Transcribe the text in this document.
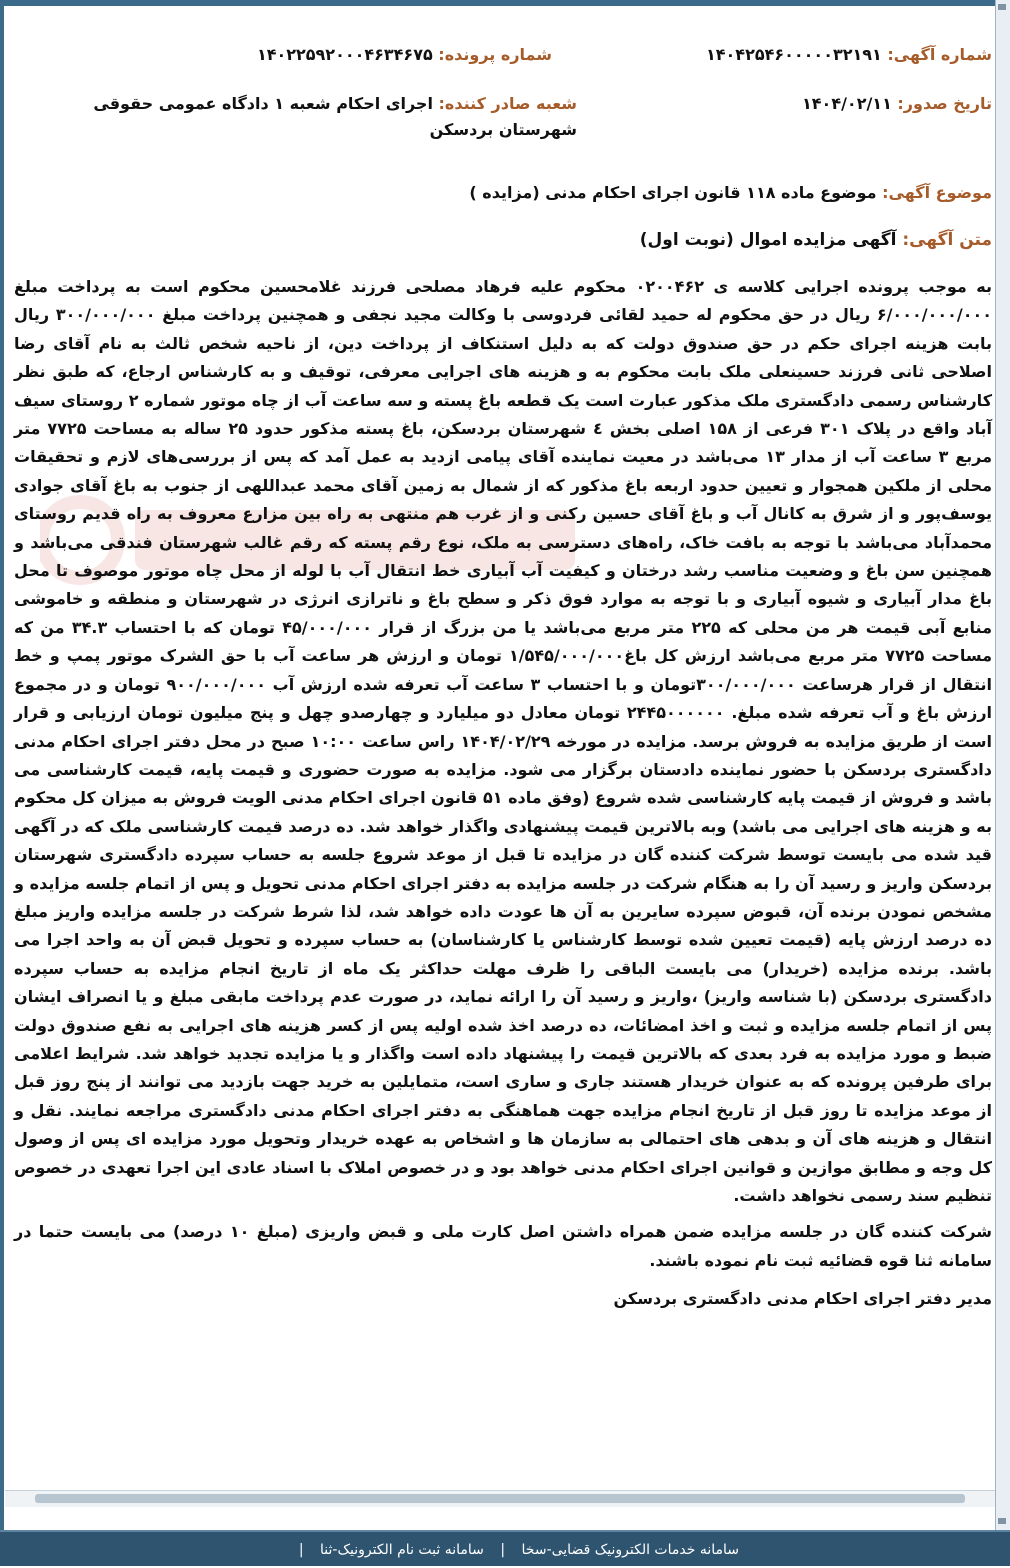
شماره آگهی: ۱۴۰۴۲۵۴۶۰۰۰۰۰۳۲۱۹۱
شماره پرونده: ۱۴۰۲۲۵۹۲۰۰۰۴۶۳۴۶۷۵
تاریخ صدور: ۱۴۰۴/۰۲/۱۱
شعبه صادر کننده: اجرای احکام شعبه ۱ دادگاه عمومی حقوقی شهرستان بردسکن
موضوع آگهی: موضوع ماده ۱۱۸ قانون اجرای احکام مدنی (مزایده )
متن آگهی: آگهی مزایده اموال (نوبت اول)

به موجب پرونده اجرایی کلاسه ی ۰۲۰۰۴۶۲ محکوم علیه فرهاد مصلحی فرزند غلامحسین محکوم است به پرداخت مبلغ ۶/۰۰۰/۰۰۰/۰۰۰ ریال در حق محکوم له حمید لقائی فردوسی با وکالت مجید نجفی و همچنین پرداخت مبلغ ۳۰۰/۰۰۰/۰۰۰ ریال بابت هزینه اجرای حکم در حق صندوق دولت که به دلیل استنکاف از پرداخت دین، از ناحیه شخص ثالث به نام آقای رضا اصلاحی ثانی فرزند حسینعلی ملک بابت محکوم به و هزینه های اجرایی معرفی، توقیف و به کارشناس ارجاع، که طبق نظر کارشناس رسمی دادگستری ملک مذکور عبارت است یک قطعه باغ پسته و سه ساعت آب از چاه موتور شماره ۲ روستای سیف آباد واقع در پلاک ۳۰۱ فرعی از ۱۵۸ اصلی بخش ٤ شهرستان بردسکن، باغ پسته مذکور حدود ۲۵ ساله به مساحت ۷۷۲۵ متر مربع ۳ ساعت آب از مدار ۱۳ می‌باشد در معیت نماینده آقای پیامی ازدید به عمل آمد که پس از بررسی‌های لازم و تحقیقات محلی از ملکین همجوار و تعیین حدود اربعه باغ مذکور که از شمال به زمین آقای محمد عبداللهی از جنوب به باغ آقای جوادی یوسف‌پور و از شرق به کانال آب و باغ آقای حسین رکنی و از غرب هم منتهی به راه بین مزارع معروف به راه قدیم روستای محمدآباد می‌باشد با توجه به بافت خاک، راه‌های دسترسی به ملک، نوع رقم پسته که رقم غالب شهرستان فندقی می‌باشد و همچنین سن باغ و وضعیت مناسب رشد درختان و کیفیت آب آبیاری خط انتقال آب با لوله از محل چاه موتور موصوف تا محل باغ مدار آبیاری و شیوه آبیاری و با توجه به موارد فوق ذکر و سطح باغ و ناترازی انرژی در شهرستان و منطقه و خاموشی منابع آبی قیمت هر من محلی که ۲۲۵ متر مربع می‌باشد یا من بزرگ از قرار ۴۵/۰۰۰/۰۰۰ تومان که با احتساب ۳۴.۳ من که مساحت ۷۷۲۵ متر مربع می‌باشد ارزش کل باغ۱/۵۴۵/۰۰۰/۰۰۰ تومان و ارزش هر ساعت آب با حق الشرک موتور پمپ و خط انتقال از قرار هرساعت ۳۰۰/۰۰۰/۰۰۰تومان و با احتساب ۳ ساعت آب تعرفه شده ارزش آب ۹۰۰/۰۰۰/۰۰۰ تومان و در مجموع ارزش باغ و آب تعرفه شده مبلغ. ۲۴۴۵۰۰۰۰۰۰ تومان معادل دو میلیارد و چهارصدو چهل و پنج میلیون تومان ارزیابی و قرار است از طریق مزایده به فروش برسد. مزایده در مورخه ۱۴۰۴/۰۲/۲۹ راس ساعت ۱۰:۰۰ صبح در محل دفتر اجرای احکام مدنی دادگستری بردسکن با حضور نماینده دادستان برگزار می شود. مزایده به صورت حضوری و قیمت پایه، قیمت کارشناسی می باشد و فروش از قیمت پایه کارشناسی شده شروع (وفق ماده ۵۱ قانون اجرای احکام مدنی الویت فروش به میزان کل محکوم به و هزینه های اجرایی می باشد) وبه بالاترین قیمت پیشنهادی واگذار خواهد شد. ده درصد قیمت کارشناسی ملک که در آگهی قید شده می بایست توسط شرکت کننده گان در مزایده تا قبل از موعد شروع جلسه به حساب سپرده دادگستری شهرستان بردسکن واریز و رسید آن را به هنگام شرکت در جلسه مزایده به دفتر اجرای احکام مدنی تحویل و پس از اتمام جلسه مزایده و مشخص نمودن برنده آن، قبوض سپرده سایرین به آن ها عودت داده خواهد شد، لذا شرط شرکت در جلسه مزایده واریز مبلغ ده درصد ارزش پایه (قیمت تعیین شده توسط کارشناس یا کارشناسان) به حساب سپرده و تحویل قبض آن به واحد اجرا می باشد. برنده مزایده (خریدار) می بایست الباقی را ظرف مهلت حداکثر یک ماه از تاریخ انجام مزایده به حساب سپرده دادگستری بردسکن (با شناسه واریز) ،واریز و رسید آن را ارائه نماید، در صورت عدم پرداخت مابقی مبلغ و یا انصراف ایشان پس از اتمام جلسه مزایده و ثبت و اخذ امضائات، ده درصد اخذ شده اولیه پس از کسر هزینه های اجرایی به نفع صندوق دولت ضبط و مورد مزایده به فرد بعدی که بالاترین قیمت را پیشنهاد داده است واگذار و یا مزایده تجدید خواهد شد. شرایط اعلامی برای طرفین پرونده که به عنوان خریدار هستند جاری و ساری است، متمایلین به خرید جهت بازدید می توانند از پنج روز قبل از موعد مزایده تا روز قبل از تاریخ انجام مزایده جهت هماهنگی به دفتر اجرای احکام مدنی دادگستری مراجعه نمایند. نقل و انتقال و هزینه های آن و بدهی های احتمالی به سازمان ها و اشخاص به عهده خریدار وتحویل مورد مزایده ای پس از وصول کل وجه و مطابق موازین و قوانین اجرای احکام مدنی خواهد بود و در خصوص املاک با اسناد عادی این اجرا تعهدی در خصوص تنظیم سند رسمی نخواهد داشت.

شرکت کننده گان در جلسه مزایده ضمن همراه داشتن اصل کارت ملی و قبض واریزی (مبلغ ۱۰ درصد) می بایست حتما در سامانه ثنا قوه قضائیه ثبت نام نموده باشند.

مدیر دفتر اجرای احکام مدنی دادگستری بردسکن

سامانه خدمات الکترونیک قضایی-سخا | سامانه ثبت نام الکترونیک-ثنا |
